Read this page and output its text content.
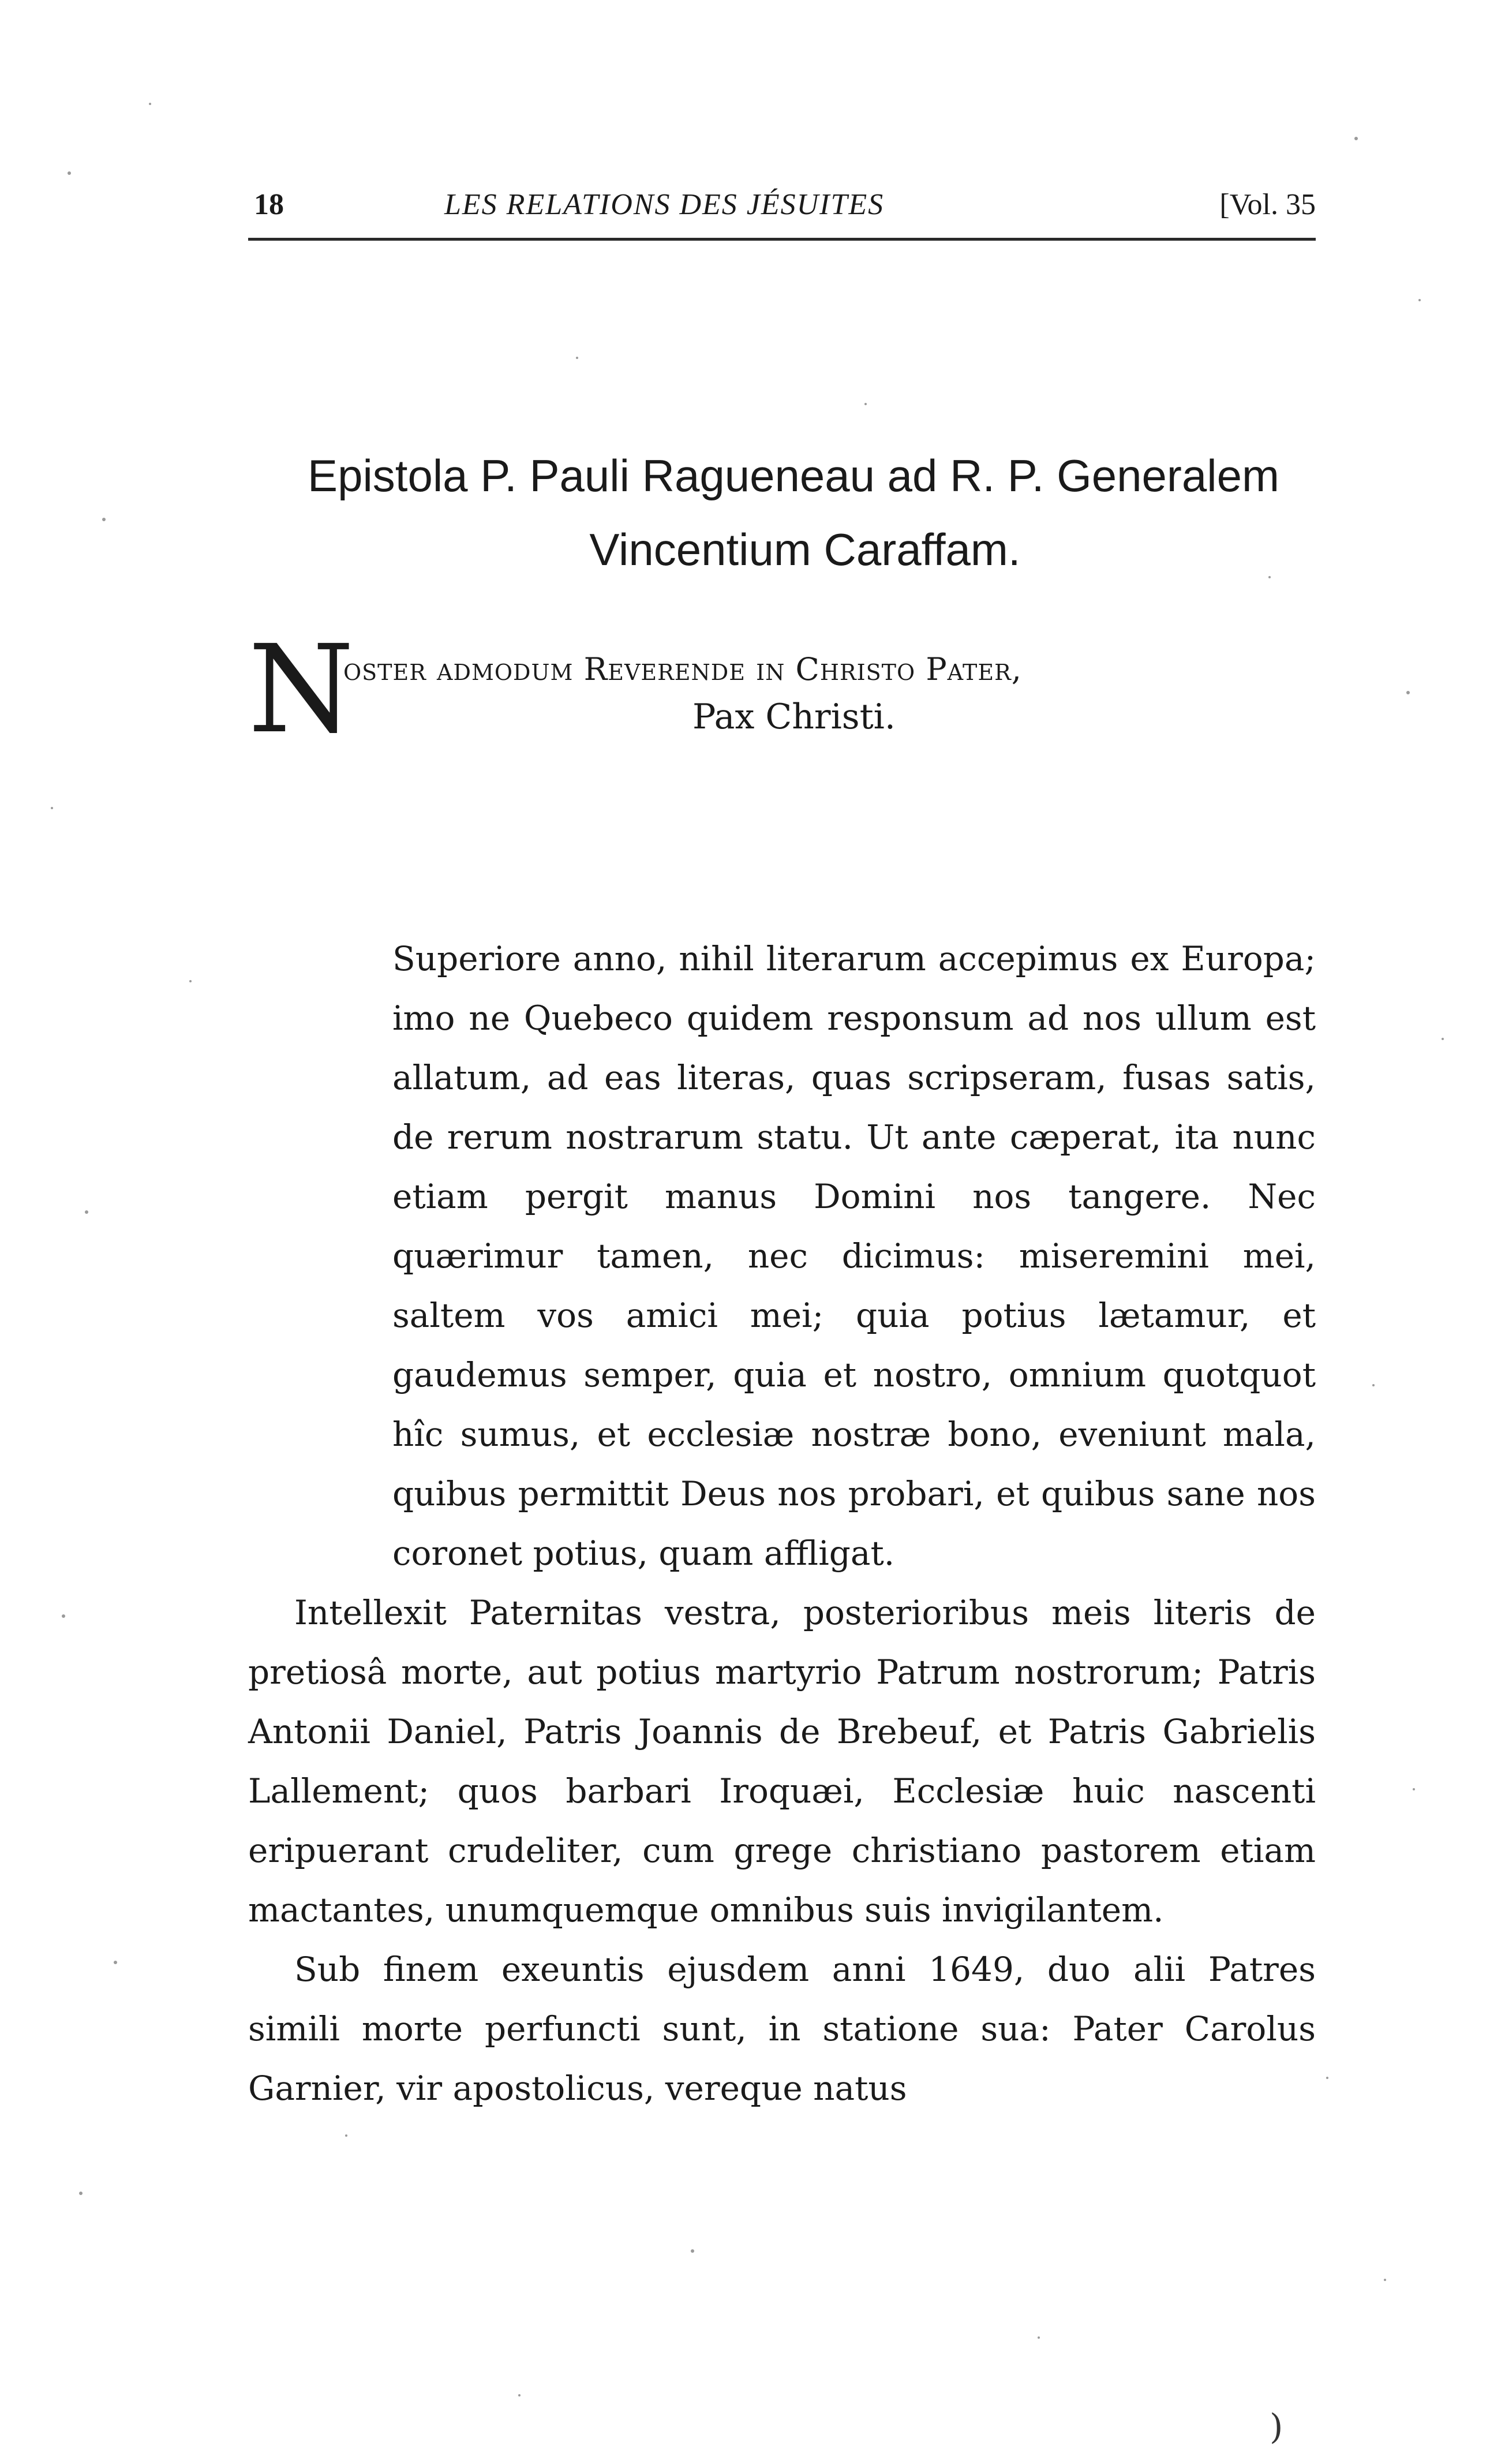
18	LES RELATIONS DES JÉSUITES	[Vol. 35
Epistola P. Pauli Ragueneau ad R. P. Generalem
Vincentium Caraffam.
N
oster admodum Reverende in Christo Pater,
Pax Christi.

Superiore anno, nihil literarum accepimus ex Europa; imo ne Quebeco quidem responsum ad nos ullum est allatum, ad eas literas, quas scripseram, fusas satis, de rerum nostrarum statu. Ut ante cæperat, ita nunc etiam pergit manus Domini nos tangere. Nec quærimur tamen, nec dicimus: miseremini mei, saltem vos amici mei; quia potius lætamur, et gaudemus semper, quia et nostro, omnium quotquot hîc sumus, et ecclesiæ nostræ bono, eveniunt mala, quibus permittit Deus nos probari, et quibus sane nos coronet potius, quam affligat.

Intellexit Paternitas vestra, posterioribus meis literis de pretiosâ morte, aut potius martyrio Patrum nostrorum; Patris Antonii Daniel, Patris Joannis de Brebeuf, et Patris Gabrielis Lallement; quos barbari Iroquæi, Ecclesiæ huic nascenti eripuerant crudeliter, cum grege christiano pastorem etiam mactantes, unumquemque omnibus suis invigilantem.

Sub finem exeuntis ejusdem anni 1649, duo alii Patres simili morte perfuncti sunt, in statione sua: Pater Carolus Garnier, vir apostolicus, vereque natus

)
